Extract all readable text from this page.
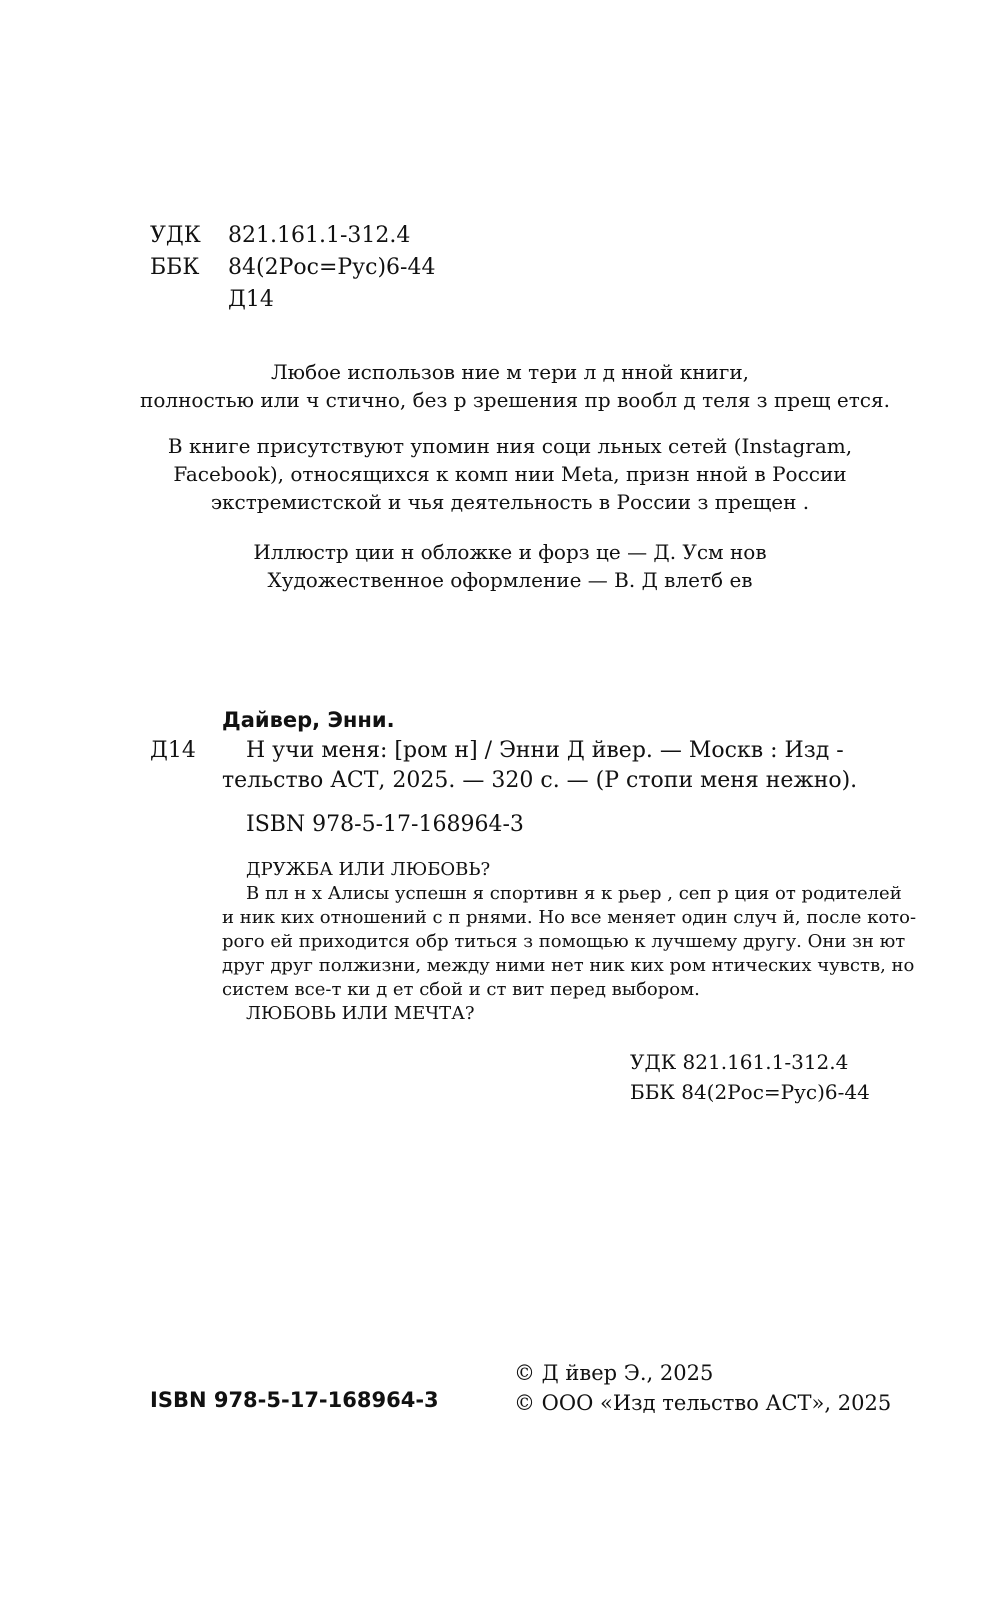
УДК 821.161.1-312.4
ББК 84(2Рос=Рус)6-44
Д14
Любое использов ние м тери л д нной книги,
полностью или ч стично, без р зрешения пр вообл д теля з прещ ется.
В книге присутствуют упомин ния соци льных сетей (Instagram,
Facebook), относящихся к комп нии Meta, призн нной в России
экстремистской и чья деятельность в России з прещен .
Иллюстр ции н обложке и форз це — Д. Усм нов
Художественное оформление — В. Д влетб ев
Дайвер, Энни.
Д14 Н учи меня: [ром н] / Энни Д йвер. — Москв : Изд -
тельство АСТ, 2025. — 320 с. — (Р стопи меня нежно).
ISBN 978-5-17-168964-3
ДРУЖБА ИЛИ ЛЮБОВЬ?
В пл н х Алисы успешн я спортивн я к рьер , сеп р ция от родителей
и ник ких отношений с п рнями. Но все меняет один случ й, после кото-
рого ей приходится обр титься з помощью к лучшему другу. Они зн ют
друг друг полжизни, между ними нет ник ких ром нтических чувств, но
систем все-т ки д ет сбой и ст вит перед выбором.
ЛЮБОВЬ ИЛИ МЕЧТА?
УДК 821.161.1-312.4
ББК 84(2Рос=Рус)6-44
ISBN 978-5-17-168964-3
© Д йвер Э., 2025
© ООО «Изд тельство АСТ», 2025
